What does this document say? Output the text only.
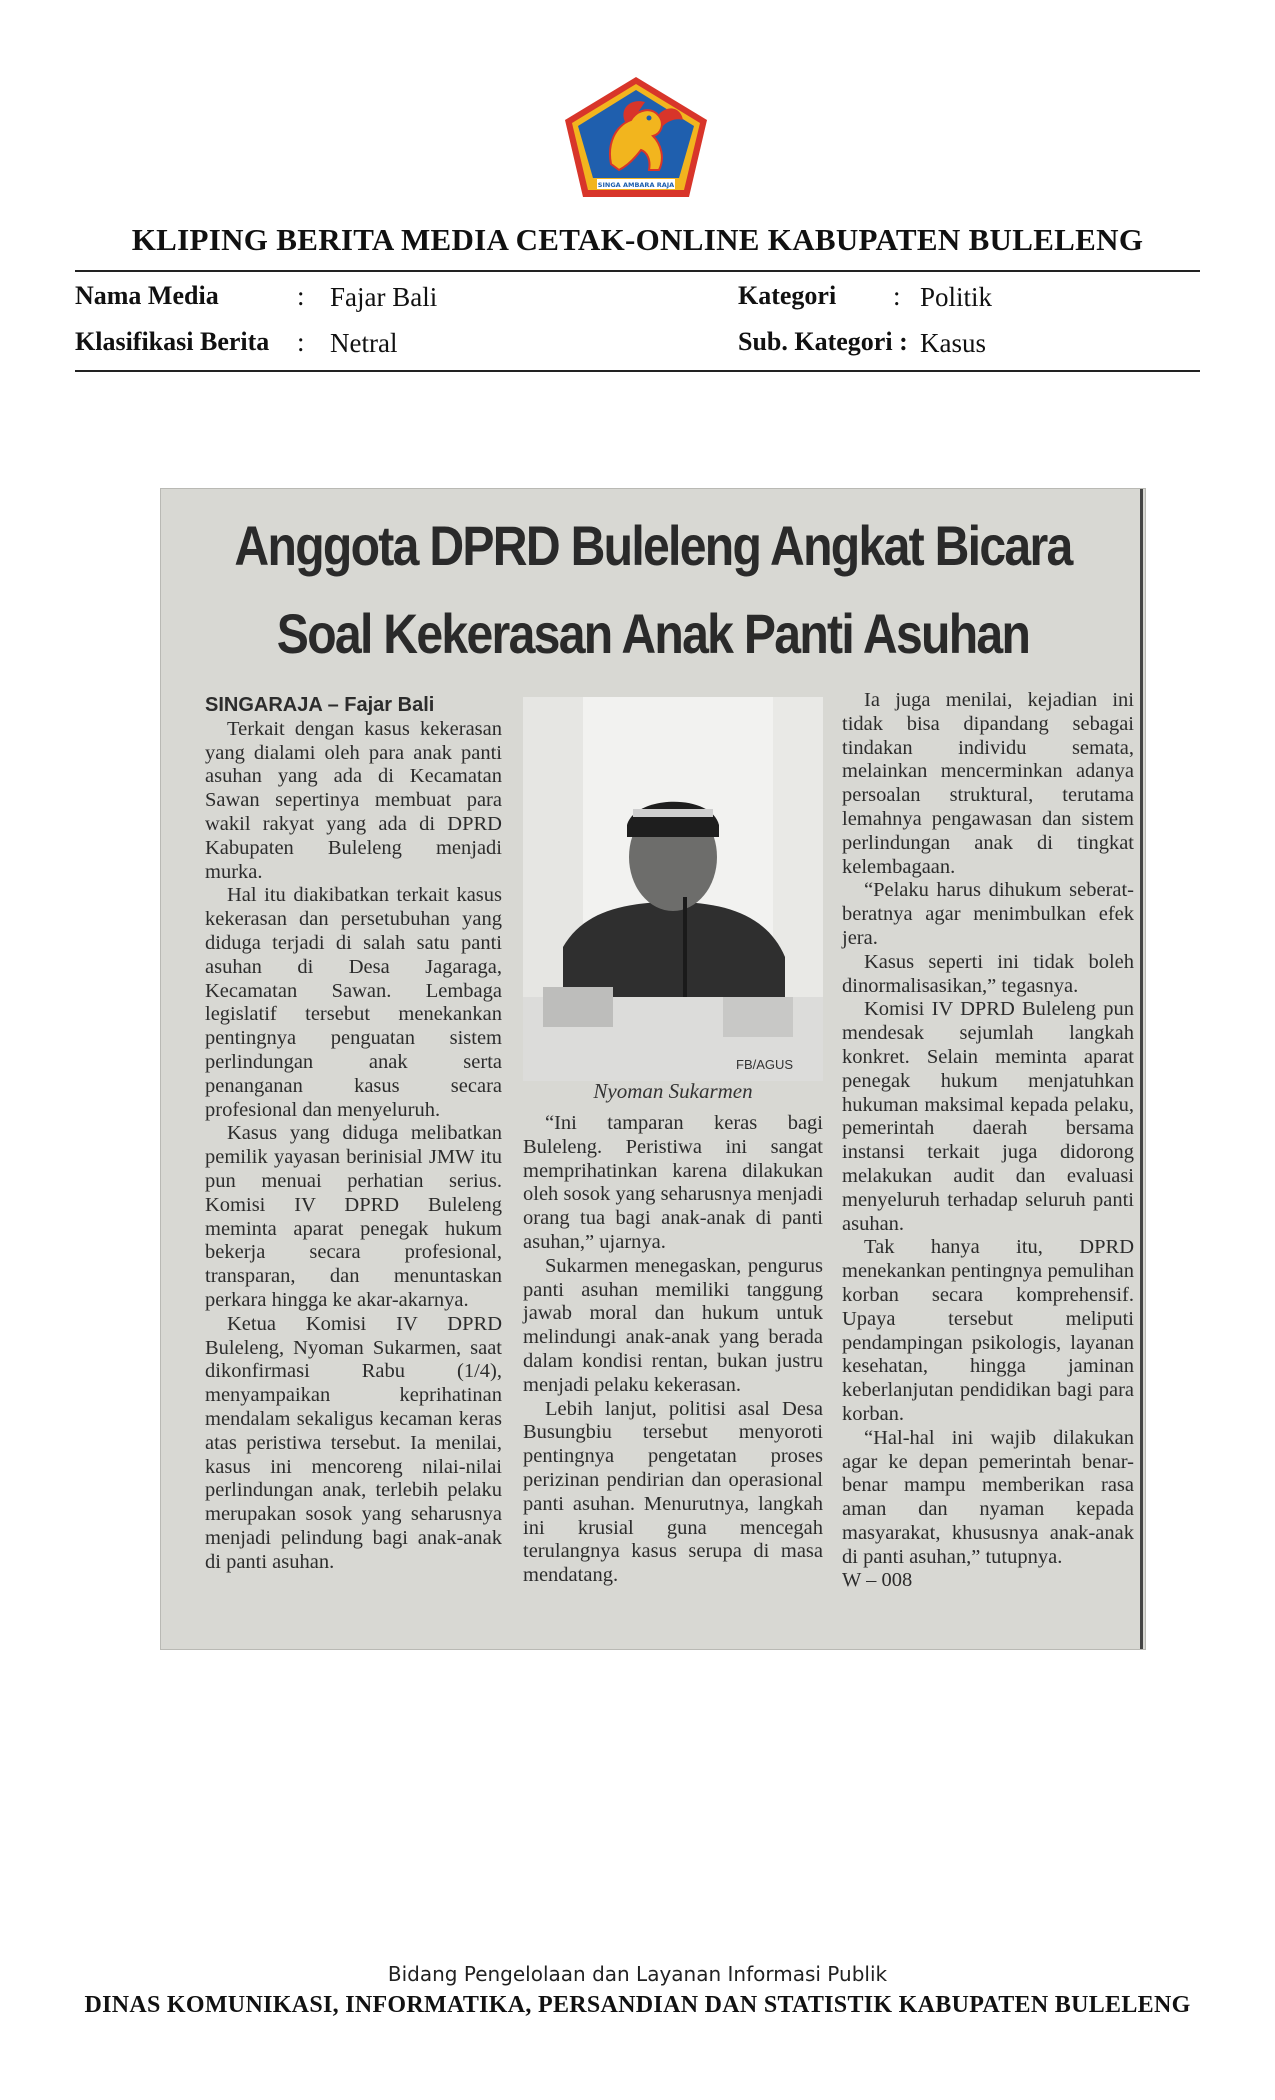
SINGA AMBARA RAJA
KLIPING BERITA MEDIA CETAK-ONLINE KABUPATEN BULELENG
Nama Media	: Fajar Bali	Kategori : Politik
Klasifikasi Berita : Netral	Sub. Kategori : Kasus
Anggota DPRD Buleleng Angkat Bicara
Soal Kekerasan Anak Panti Asuhan

SINGARAJA – Fajar Bali

Terkait dengan kasus kekerasan yang dialami oleh para anak panti asuhan yang ada di Kecamatan Sawan sepertinya membuat para wakil rakyat yang ada di DPRD Kabupaten Buleleng menjadi murka.

Hal itu diakibatkan terkait kasus kekerasan dan persetubuhan yang diduga terjadi di salah satu panti asuhan di Desa Jagaraga, Kecamatan Sawan. Lembaga legislatif tersebut menekankan pentingnya penguatan sistem perlindungan anak serta penanganan kasus secara profesional dan menyeluruh.

Kasus yang diduga melibatkan pemilik yayasan berinisial JMW itu pun menuai perhatian serius. Komisi IV DPRD Buleleng meminta aparat penegak hukum bekerja secara profesional, transparan, dan menuntaskan perkara hingga ke akar-akarnya.

Ketua Komisi IV DPRD Buleleng, Nyoman Sukarmen, saat dikonfirmasi Rabu (1/4), menyampaikan keprihatinan mendalam sekaligus kecaman keras atas peristiwa tersebut. Ia menilai, kasus ini mencoreng nilai-nilai perlindungan anak, terlebih pelaku merupakan sosok yang seharusnya menjadi pelindung bagi anak-anak di panti asuhan.

FB/AGUS
Nyoman Sukarmen

“Ini tamparan keras bagi Buleleng. Peristiwa ini sangat memprihatinkan karena dilakukan oleh sosok yang seharusnya menjadi orang tua bagi anak-anak di panti asuhan,” ujarnya.

Sukarmen menegaskan, pengurus panti asuhan memiliki tanggung jawab moral dan hukum untuk melindungi anak-anak yang berada dalam kondisi rentan, bukan justru menjadi pelaku kekerasan.

Lebih lanjut, politisi asal Desa Busungbiu tersebut menyoroti pentingnya pengetatan proses perizinan pendirian dan operasional panti asuhan. Menurutnya, langkah ini krusial guna mencegah terulangnya kasus serupa di masa mendatang.

Ia juga menilai, kejadian ini tidak bisa dipandang sebagai tindakan individu semata, melainkan mencerminkan adanya persoalan struktural, terutama lemahnya pengawasan dan sistem perlindungan anak di tingkat kelembagaan.

“Pelaku harus dihukum seberat-beratnya agar menimbulkan efek jera.

Kasus seperti ini tidak boleh dinormalisasikan,” tegasnya.

Komisi IV DPRD Buleleng pun mendesak sejumlah langkah konkret. Selain meminta aparat penegak hukum menjatuhkan hukuman maksimal kepada pelaku, pemerintah daerah bersama instansi terkait juga didorong melakukan audit dan evaluasi menyeluruh terhadap seluruh panti asuhan.

Tak hanya itu, DPRD menekankan pentingnya pemulihan korban secara komprehensif. Upaya tersebut meliputi pendampingan psikologis, layanan kesehatan, hingga jaminan keberlanjutan pendidikan bagi para korban.

“Hal-hal ini wajib dilakukan agar ke depan pemerintah benar-benar mampu memberikan rasa aman dan nyaman kepada masyarakat, khususnya anak-anak di panti asuhan,” tutupnya.

W – 008

Bidang Pengelolaan dan Layanan Informasi Publik
DINAS KOMUNIKASI, INFORMATIKA, PERSANDIAN DAN STATISTIK KABUPATEN BULELENG
